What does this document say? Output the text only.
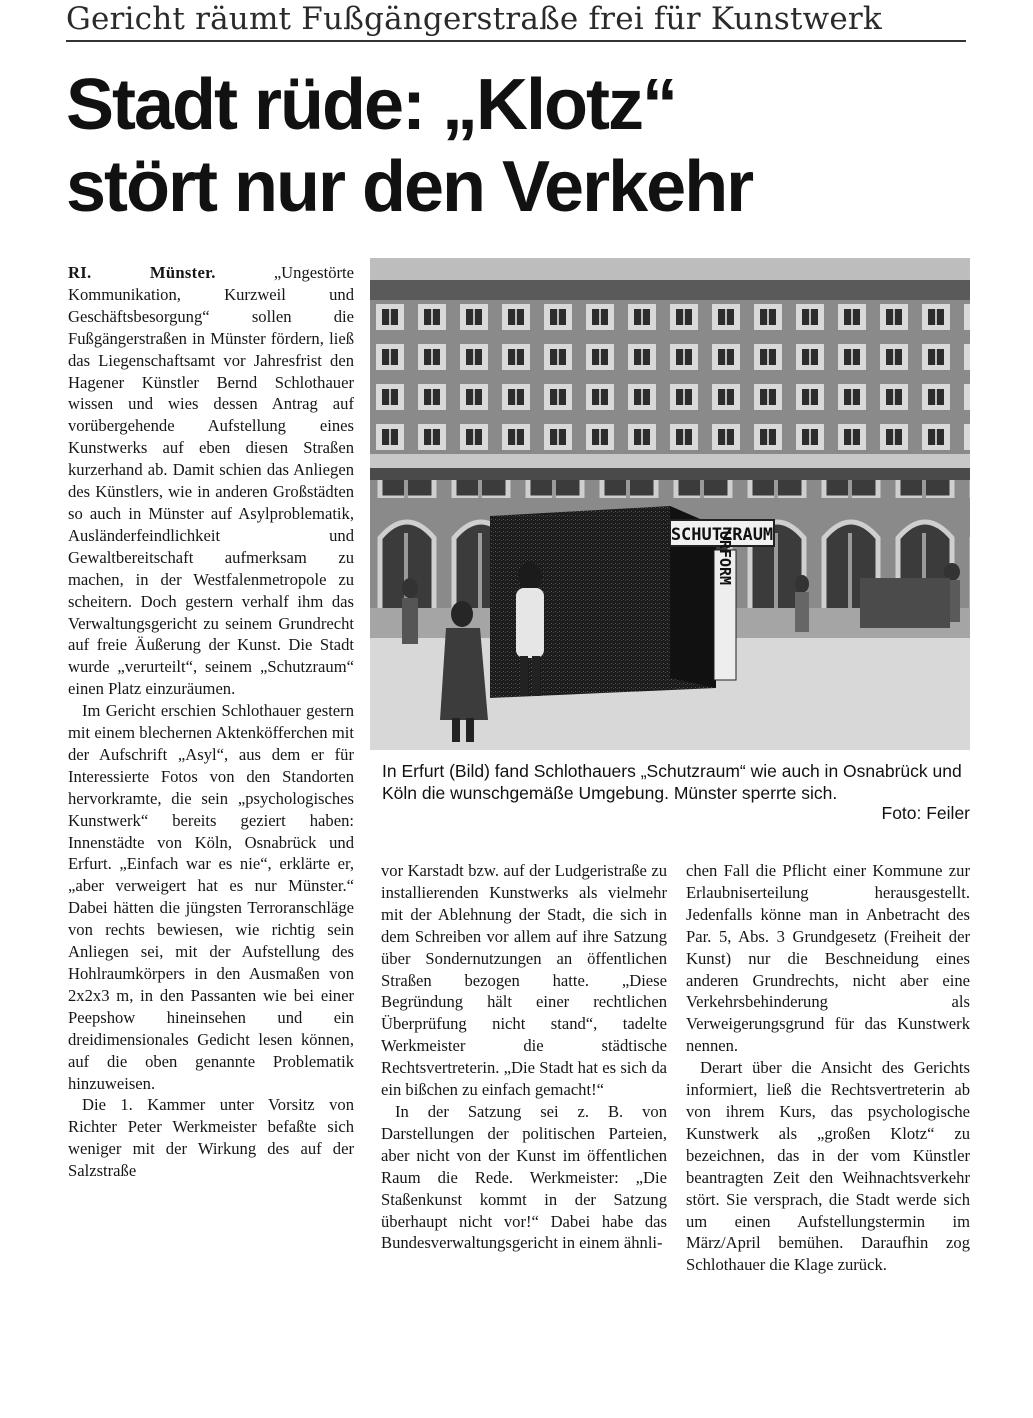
Gericht räumt Fußgängerstraße frei für Kunstwerk
Stadt rüde: „Klotz“
stört nur den Verkehr

RI. Münster.	„Ungestörte Kommunikation, Kurzweil und Geschäftsbesorgung“ sollen die Fußgängerstraßen in Münster fördern, ließ das Liegenschaftsamt vor Jahresfrist den Hagener Künstler Bernd Schlothauer wissen und wies dessen Antrag auf vorübergehende Aufstellung eines Kunstwerks auf eben diesen Straßen kurzerhand ab. Damit schien das Anliegen des Künstlers, wie in anderen Großstädten so auch in Münster auf Asylproblematik, Ausländerfeindlichkeit und Gewaltbereitschaft aufmerksam zu machen, in der Westfalenmetropole zu scheitern. Doch gestern verhalf ihm das Verwaltungsgericht zu seinem Grundrecht auf freie Äußerung der Kunst. Die Stadt wurde „verurteilt“, seinem „Schutzraum“ einen Platz einzuräumen.

Im Gericht erschien Schlothauer gestern mit einem blechernen Aktenköfferchen mit der Aufschrift „Asyl“, aus dem er für Interessierte Fotos von den Standorten hervorkramte, die sein „psychologisches Kunstwerk“ bereits geziert haben: Innenstädte von Köln, Osnabrück und Erfurt. „Einfach war es nie“, erklärte er, „aber verweigert hat es nur Münster.“ Dabei hätten die jüngsten Terroranschläge von rechts bewiesen, wie richtig sein Anliegen sei, mit der Aufstellung des Hohlraumkörpers in den Ausmaßen von 2x2x3 m, in den Passanten wie bei einer Peepshow hineinsehen und ein dreidimensionales Gedicht lesen können, auf die oben genannte Problematik hinzuweisen.

Die 1. Kammer unter Vorsitz von Richter Peter Werkmeister befaßte sich weniger mit der Wirkung des auf der Salzstraße

SCHUTZRAUM
URFORM
In Erfurt (Bild) fand Schlothauers „Schutzraum“ wie auch in Osnabrück und Köln die wunschgemäße Umgebung. Münster sperrte sich.
Foto: Feiler

vor Karstadt bzw. auf der Ludgeristraße zu installierenden Kunstwerks als vielmehr mit der Ablehnung der Stadt, die sich in dem Schreiben vor allem auf ihre Satzung über Sondernutzungen an öffentlichen Straßen bezogen hatte. „Diese Begründung hält einer rechtlichen Überprüfung nicht stand“, tadelte Werkmeister die städtische Rechtsvertreterin. „Die Stadt hat es sich da ein bißchen zu einfach gemacht!“

In der Satzung sei z. B. von Darstellungen der politischen Parteien, aber nicht von der Kunst im öffentlichen Raum die Rede. Werkmeister: „Die Staßenkunst kommt in der Satzung überhaupt nicht vor!“ Dabei habe das Bundesverwaltungsgericht in einem ähnli-

chen Fall die Pflicht einer Kommune zur Erlaubniserteilung herausgestellt. Jedenfalls könne man in Anbetracht des Par. 5, Abs. 3 Grundgesetz (Freiheit der Kunst) nur die Beschneidung eines anderen Grundrechts, nicht aber eine Verkehrsbehinderung als Verweigerungsgrund für das Kunstwerk nennen.

Derart über die Ansicht des Gerichts informiert, ließ die Rechtsvertreterin ab von ihrem Kurs, das psychologische Kunstwerk als „großen Klotz“ zu bezeichnen, das in der vom Künstler beantragten Zeit den Weihnachtsverkehr stört. Sie versprach, die Stadt werde sich um einen Aufstellungstermin im März/April bemühen. Daraufhin zog Schlothauer die Klage zurück.
